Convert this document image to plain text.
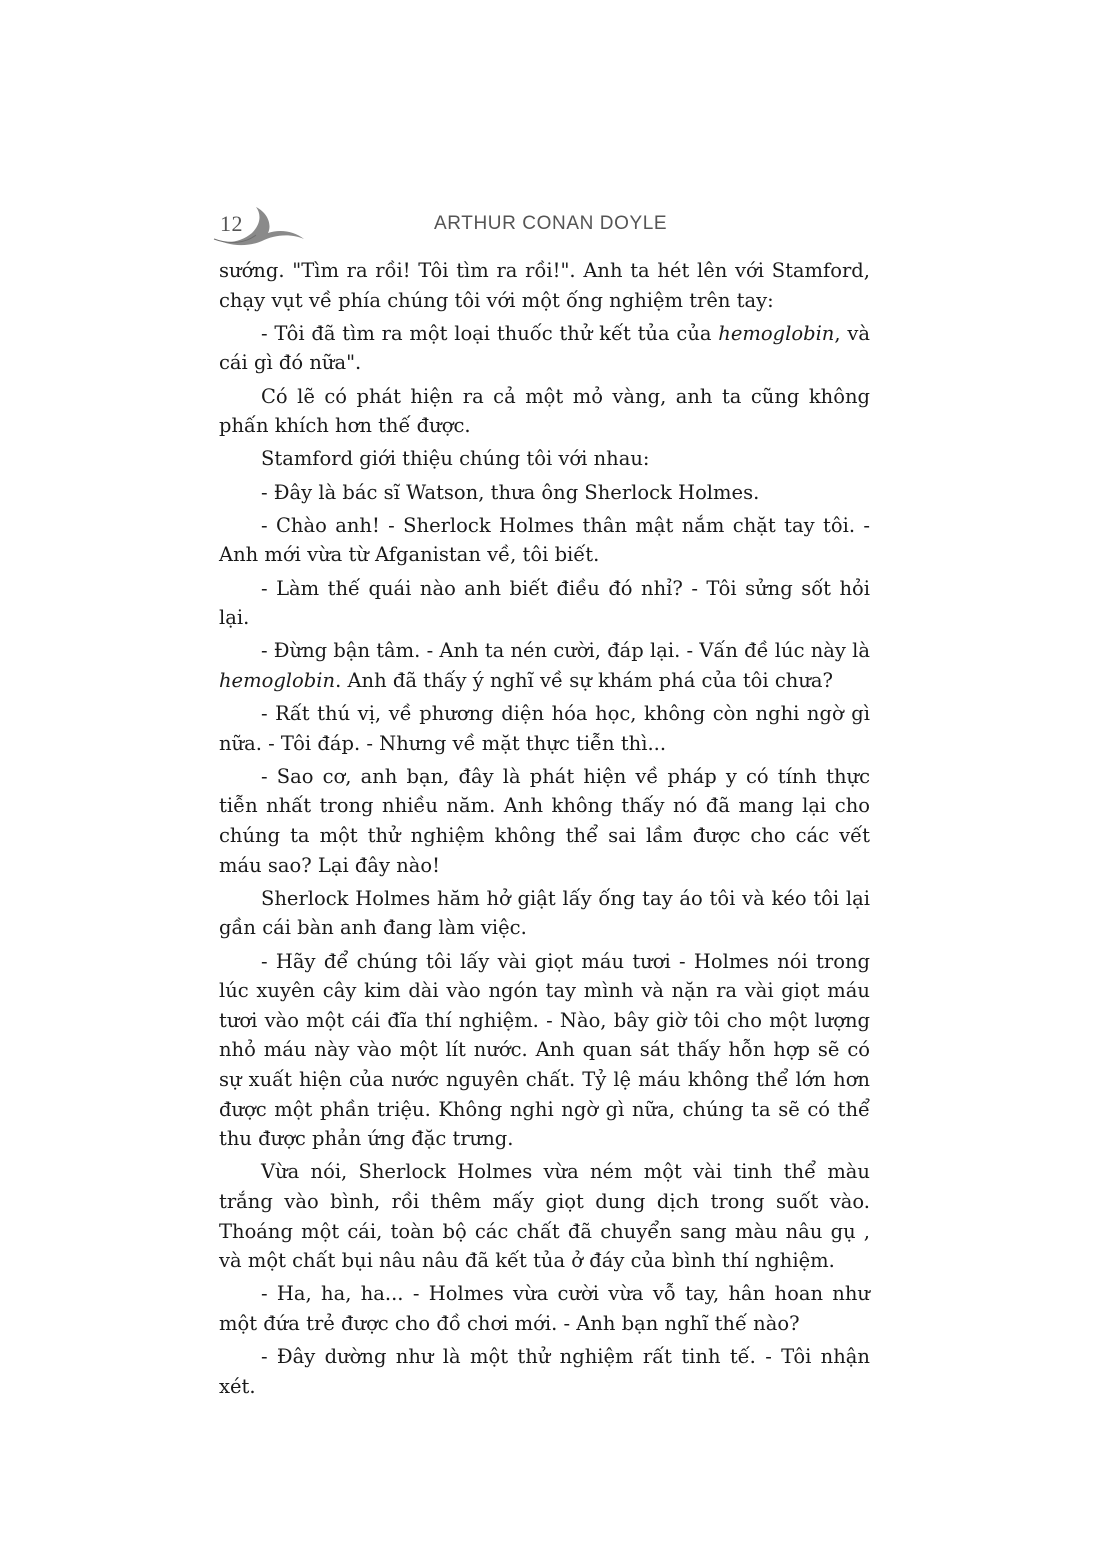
12	ARTHUR CONAN DOYLE

sướng. "Tìm ra rồi! Tôi tìm ra rồi!". Anh ta hét lên với Stamford, chạy vụt về phía chúng tôi với một ống nghiệm trên tay:

- Tôi đã tìm ra một loại thuốc thử kết tủa của hemoglobin, và cái gì đó nữa".

Có lẽ có phát hiện ra cả một mỏ vàng, anh ta cũng không phấn khích hơn thế được.

Stamford giới thiệu chúng tôi với nhau:

- Đây là bác sĩ Watson, thưa ông Sherlock Holmes.

- Chào anh! - Sherlock Holmes thân mật nắm chặt tay tôi. - Anh mới vừa từ Afganistan về, tôi biết.

- Làm thế quái nào anh biết điều đó nhỉ? - Tôi sửng sốt hỏi lại.

- Đừng bận tâm. - Anh ta nén cười, đáp lại. - Vấn đề lúc này là hemoglobin. Anh đã thấy ý nghĩ về sự khám phá của tôi chưa?

- Rất thú vị, về phương diện hóa học, không còn nghi ngờ gì nữa. - Tôi đáp. - Nhưng về mặt thực tiễn thì...

- Sao cơ, anh bạn, đây là phát hiện về pháp y có tính thực tiễn nhất trong nhiều năm. Anh không thấy nó đã mang lại cho chúng ta một thử nghiệm không thể sai lầm được cho các vết máu sao? Lại đây nào!

Sherlock Holmes hăm hở giật lấy ống tay áo tôi và kéo tôi lại gần cái bàn anh đang làm việc.

- Hãy để chúng tôi lấy vài giọt máu tươi - Holmes nói trong lúc xuyên cây kim dài vào ngón tay mình và nặn ra vài giọt máu tươi vào một cái đĩa thí nghiệm. - Nào, bây giờ tôi cho một lượng nhỏ máu này vào một lít nước. Anh quan sát thấy hỗn hợp sẽ có sự xuất hiện của nước nguyên chất. Tỷ lệ máu không thể lớn hơn được một phần triệu. Không nghi ngờ gì nữa, chúng ta sẽ có thể thu được phản ứng đặc trưng.

Vừa nói, Sherlock Holmes vừa ném một vài tinh thể màu trắng vào bình, rồi thêm mấy giọt dung dịch trong suốt vào. Thoáng một cái, toàn bộ các chất đã chuyển sang màu nâu gụ , và một chất bụi nâu nâu đã kết tủa ở đáy của bình thí nghiệm.

- Ha, ha, ha... - Holmes vừa cười vừa vỗ tay, hân hoan như một đứa trẻ được cho đồ chơi mới. - Anh bạn nghĩ thế nào?

- Đây dường như là một thử nghiệm rất tinh tế. - Tôi nhận xét.
